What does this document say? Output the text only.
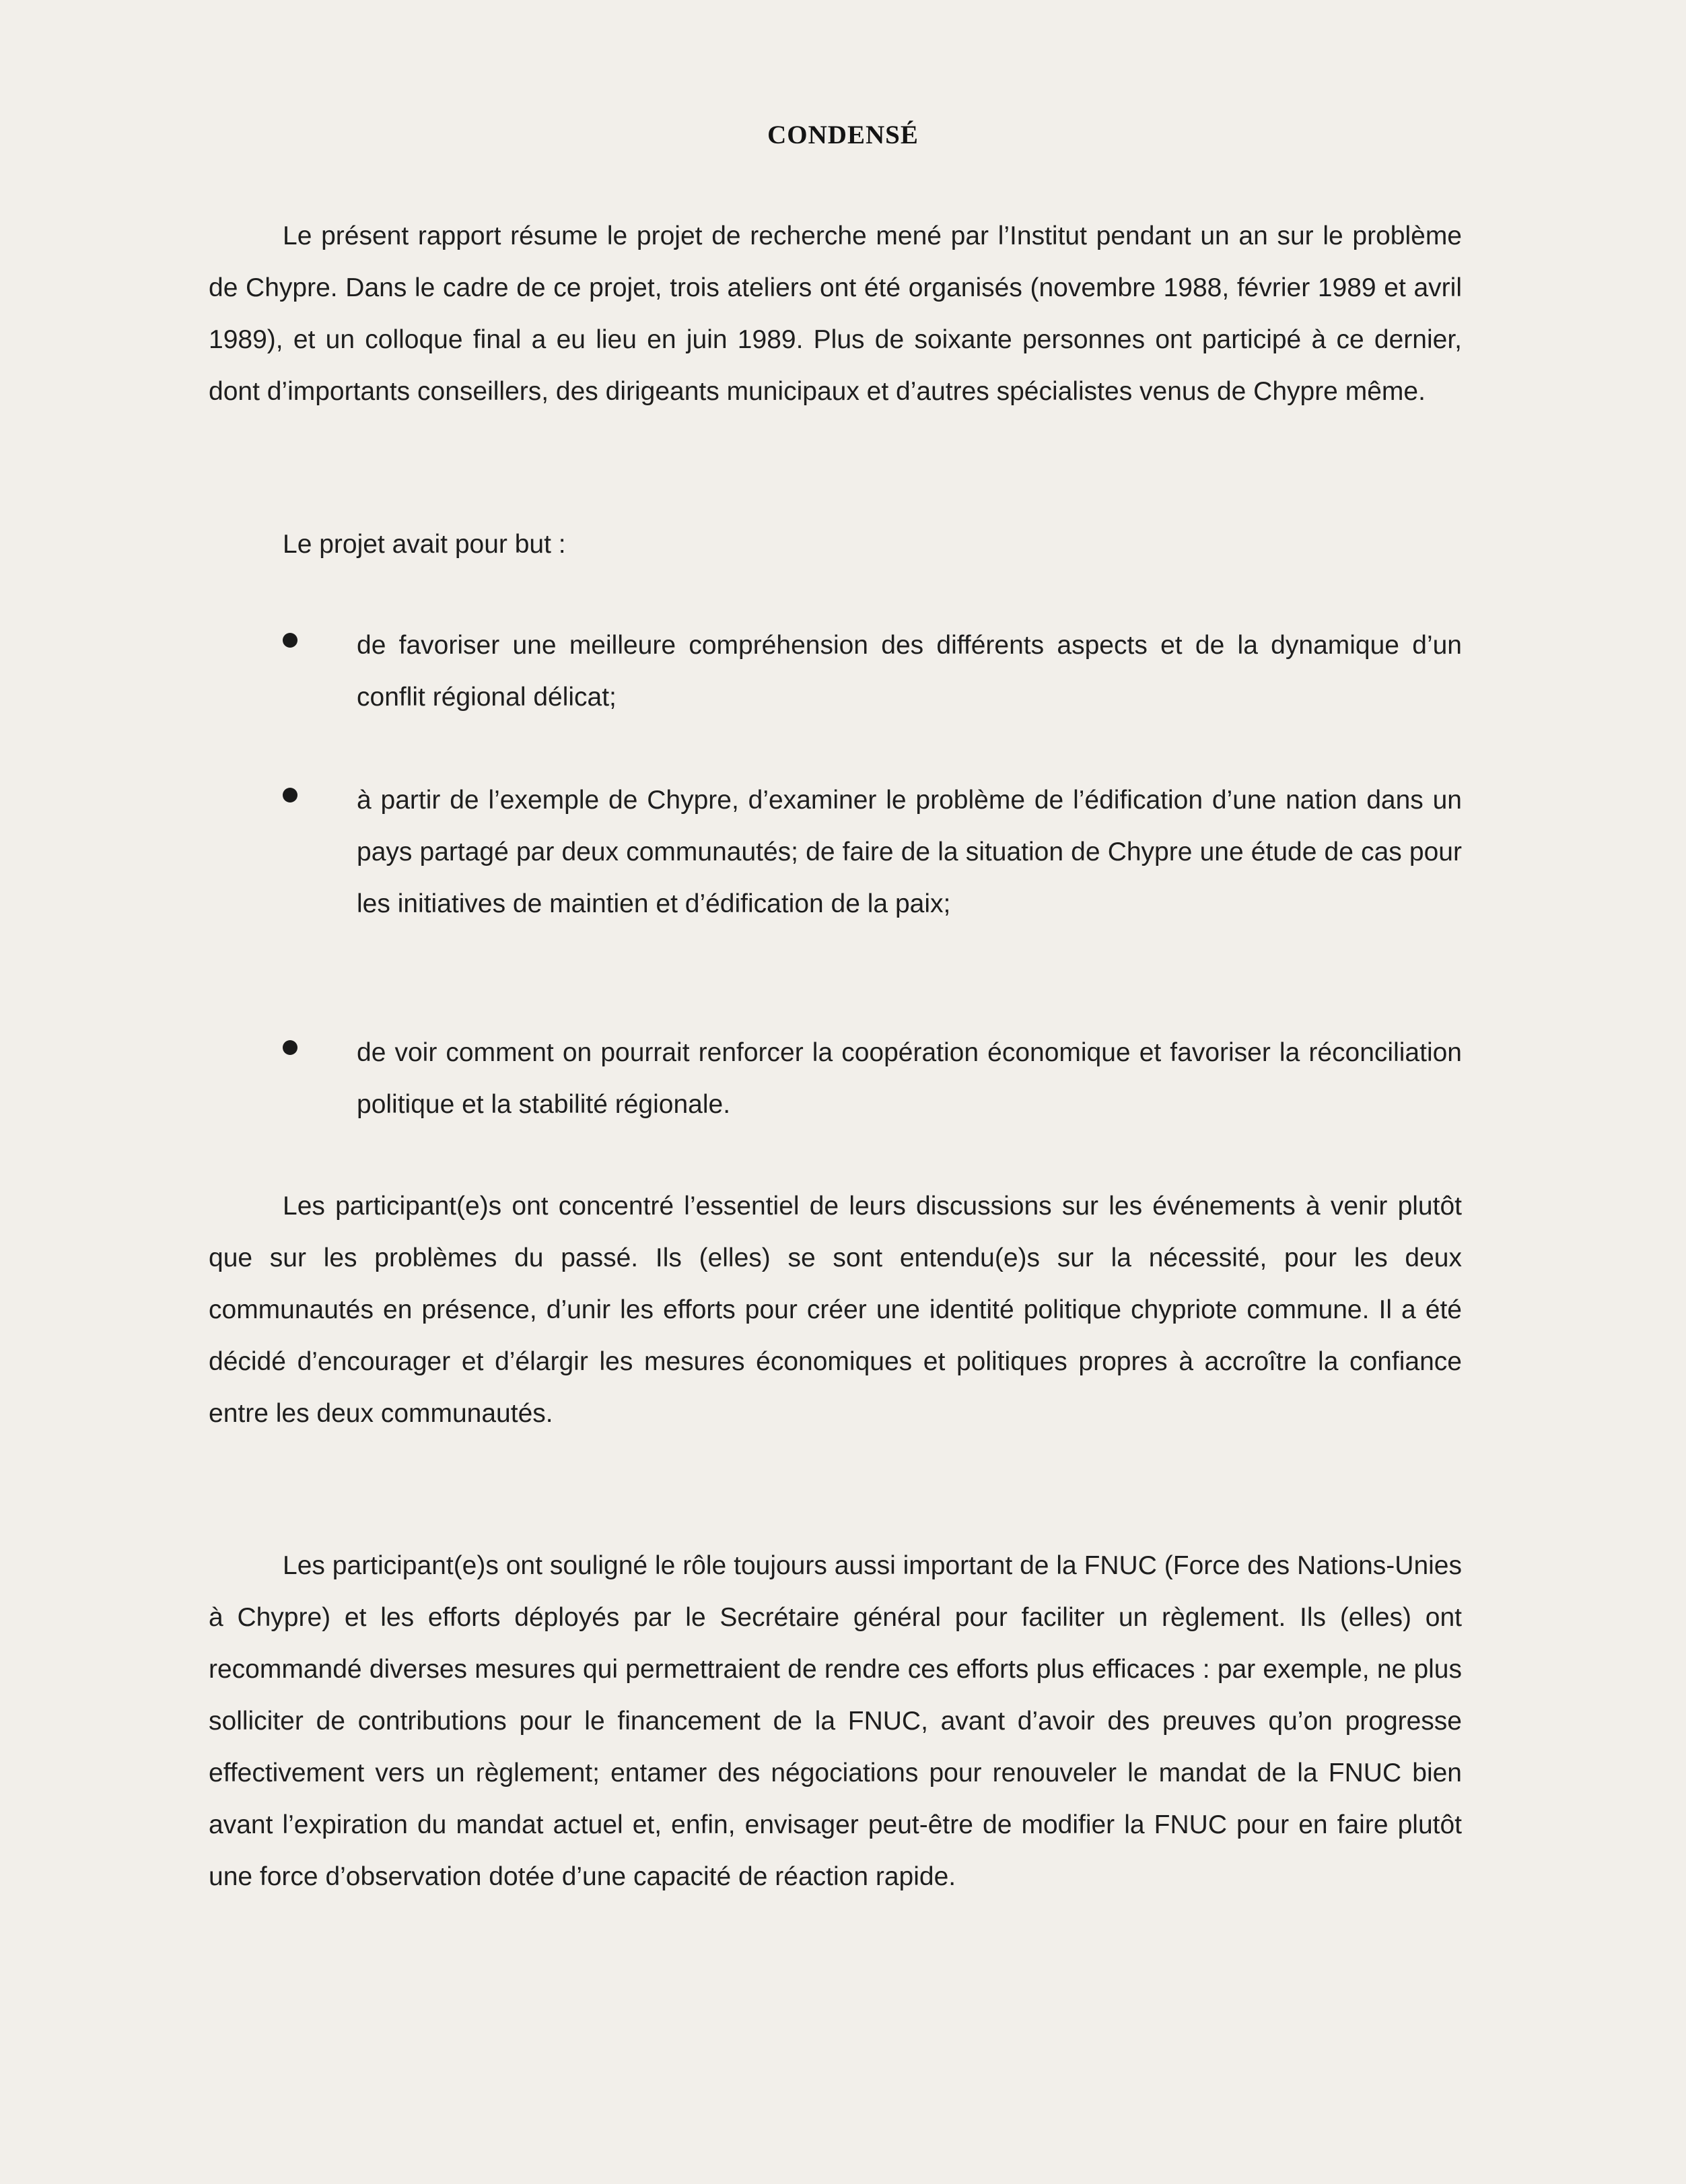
CONDENSÉ

Le présent rapport résume le projet de recherche mené par l’Institut pendant un an sur le problème de Chypre. Dans le cadre de ce projet, trois ateliers ont été organisés (novembre 1988, février 1989 et avril 1989), et un colloque final a eu lieu en juin 1989. Plus de soixante personnes ont participé à ce dernier, dont d’importants conseillers, des dirigeants municipaux et d’autres spécialistes venus de Chypre même.

Le projet avait pour but :

de favoriser une meilleure compréhension des différents aspects et de la dynamique d’un conflit régional délicat;

à partir de l’exemple de Chypre, d’examiner le problème de l’édification d’une nation dans un pays partagé par deux communautés; de faire de la situation de Chypre une étude de cas pour les initiatives de maintien et d’édification de la paix;

de voir comment on pourrait renforcer la coopération économique et favoriser la réconciliation politique et la stabilité régionale.

Les participant(e)s ont concentré l’essentiel de leurs discussions sur les événements à venir plutôt que sur les problèmes du passé. Ils (elles) se sont entendu(e)s sur la nécessité, pour les deux communautés en présence, d’unir les efforts pour créer une identité politique chypriote commune. Il a été décidé d’encourager et d’élargir les mesures économiques et politiques propres à accroître la confiance entre les deux communautés.

Les participant(e)s ont souligné le rôle toujours aussi important de la FNUC (Force des Nations-Unies à Chypre) et les efforts déployés par le Secrétaire général pour faciliter un règlement. Ils (elles) ont recommandé diverses mesures qui permettraient de rendre ces efforts plus efficaces : par exemple, ne plus solliciter de contributions pour le financement de la FNUC, avant d’avoir des preuves qu’on progresse effectivement vers un règlement; entamer des négociations pour renouveler le mandat de la FNUC bien avant l’expiration du mandat actuel et, enfin, envisager peut-être de modifier la FNUC pour en faire plutôt une force d’observation dotée d’une capacité de réaction rapide.
